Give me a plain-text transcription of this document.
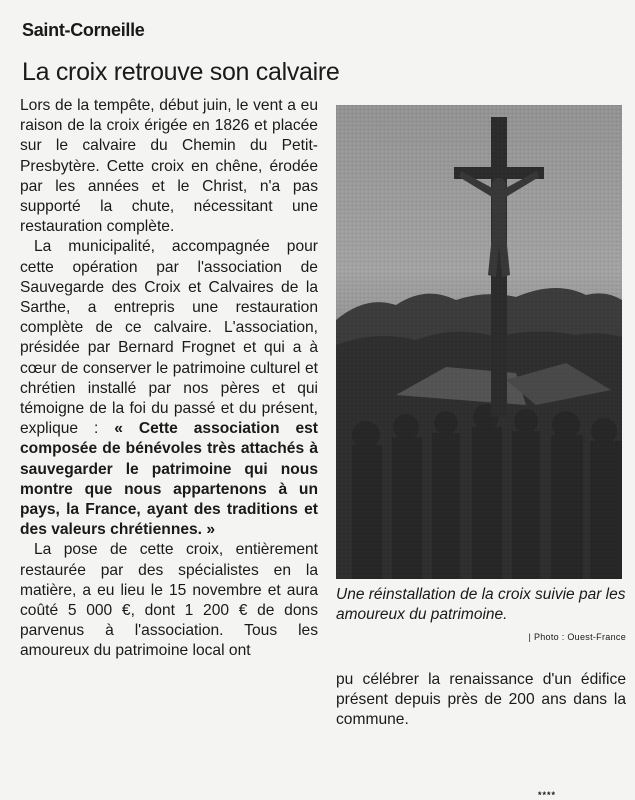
Saint-Corneille
La croix retrouve son calvaire

Lors de la tempête, début juin, le vent a eu raison de la croix érigée en 1826 et placée sur le calvaire du Chemin du Petit-Presbytère. Cette croix en chêne, érodée par les années et le Christ, n'a pas supporté la chute, nécessitant une restauration complète.

La municipalité, accompagnée pour cette opération par l'association de Sauvegarde des Croix et Calvaires de la Sarthe, a entrepris une restauration complète de ce calvaire. L'association, présidée par Bernard Frognet et qui a à cœur de conserver le patrimoine culturel et chrétien installé par nos pères et qui témoigne de la foi du passé et du présent, explique : « Cette association est composée de bénévoles très attachés à sauvegarder le patrimoine qui nous montre que nous appartenons à un pays, la France, ayant des traditions et des valeurs chrétiennes. »

La pose de cette croix, entièrement restaurée par des spécialistes en la matière, a eu lieu le 15 novembre et aura coûté 5 000 €, dont 1 200 € de dons parvenus à l'association. Tous les amoureux du patrimoine local ont

Une réinstallation de la croix suivie par les amoureux du patrimoine.
| Photo : Ouest-France

pu célébrer la renaissance d'un édifice présent depuis près de 200 ans dans la commune.

****
